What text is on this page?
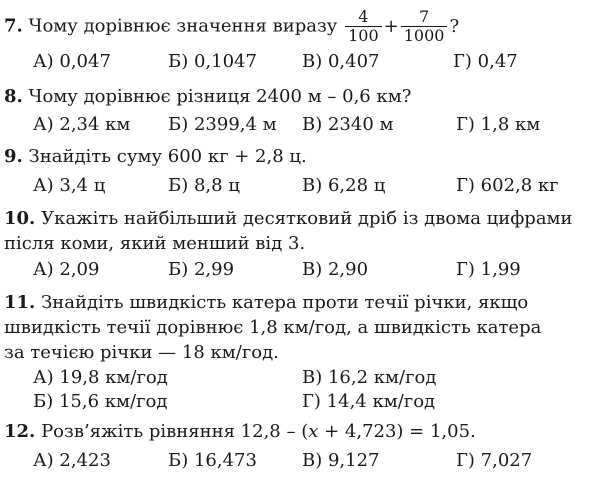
7. Чому дорівнює значення виразу $\frac{4}{100} + \frac{7}{1000}$ ?
А) 0,047	Б) 0,1047	В) 0,407	Г) 0,47
8. Чому дорівнює різниця 2400 м – 0,6 км?
А) 2,34 км Б) 2399,4 м В) 2340 м	Г) 1,8 км
9. Знайдіть суму 600 кг + 2,8 ц.
А) 3,4 ц	Б) 8,8 ц	В) 6,28 ц	Г) 602,8 кг
10. Укажіть найбільший десятковий дріб із двома цифрами
після коми, який менший від 3.
А) 2,09	Б) 2,99	В) 2,90	Г) 1,99
11. Знайдіть швидкість катера проти течії річки, якщо
швидкість течії дорівнює 1,8 км/год, а швидкість катера
за течією річки — 18 км/год.
А) 19,8 км/год	В) 16,2 км/год
Б) 15,6 км/год	Г) 14,4 км/год
12. Розв’яжіть рівняння 12,8 – (x + 4,723) = 1,05.
А) 2,423	Б) 16,473	В) 9,127	Г) 7,027
